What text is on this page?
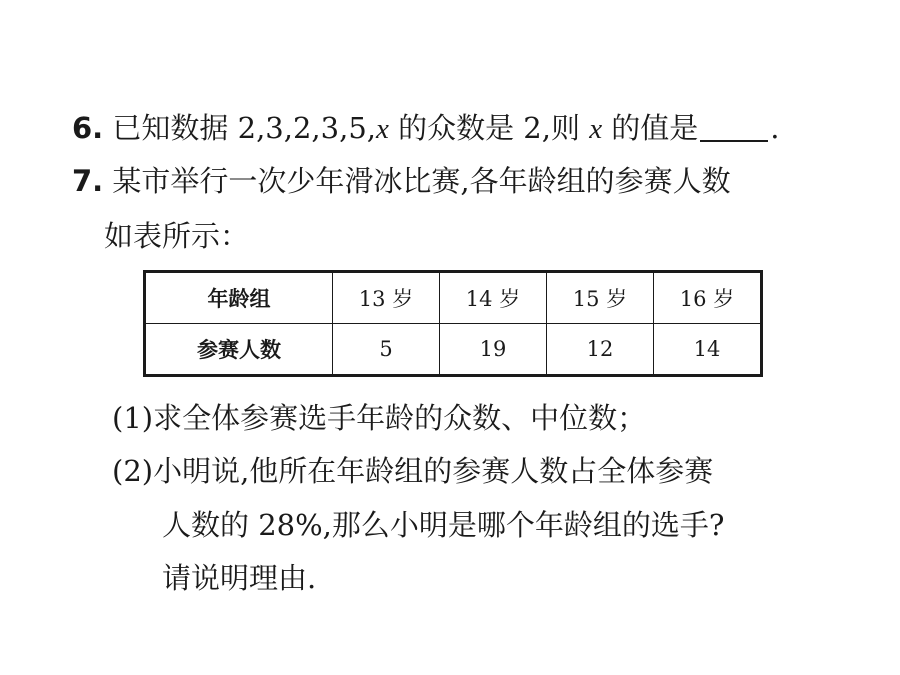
6. 已知数据 2,3,2,3,5,x 的众数是 2,则 x 的值是 .
7. 某市举行一次少年滑冰比赛,各年龄组的参赛人数
如表所示：
年龄组	13 岁	14 岁	15 岁	16 岁
参赛人数	5	19	12	14
(1)求全体参赛选手年龄的众数、中位数；
(2)小明说,他所在年龄组的参赛人数占全体参赛
人数的 28%,那么小明是哪个年龄组的选手?
请说明理由.
